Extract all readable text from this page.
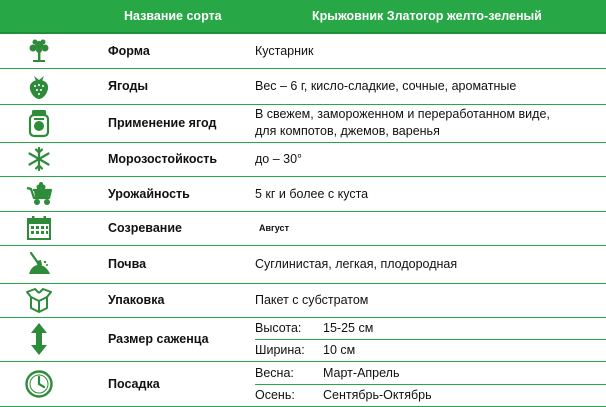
	Название сорта	Крыжовник Златогор желто-зеленый

	Форма	Кустарник

	Ягоды	Вес – 6 г, кисло-сладкие, сочные, ароматные

	Применение ягод	В свежем, замороженном и переработанном виде,
для компотов, джемов, варенья

	Морозостойкость	до – 30°

	Урожайность	5 кг и более с куста

	Созревание	Август

	Почва	Суглинистая, легкая, плодородная

	Упаковка	Пакет с субстратом

	Размер саженца	Высота: 15-25 см
Ширина: 10 см

	Посадка	Весна: Март-Апрель
Осень: Сентябрь-Октябрь
